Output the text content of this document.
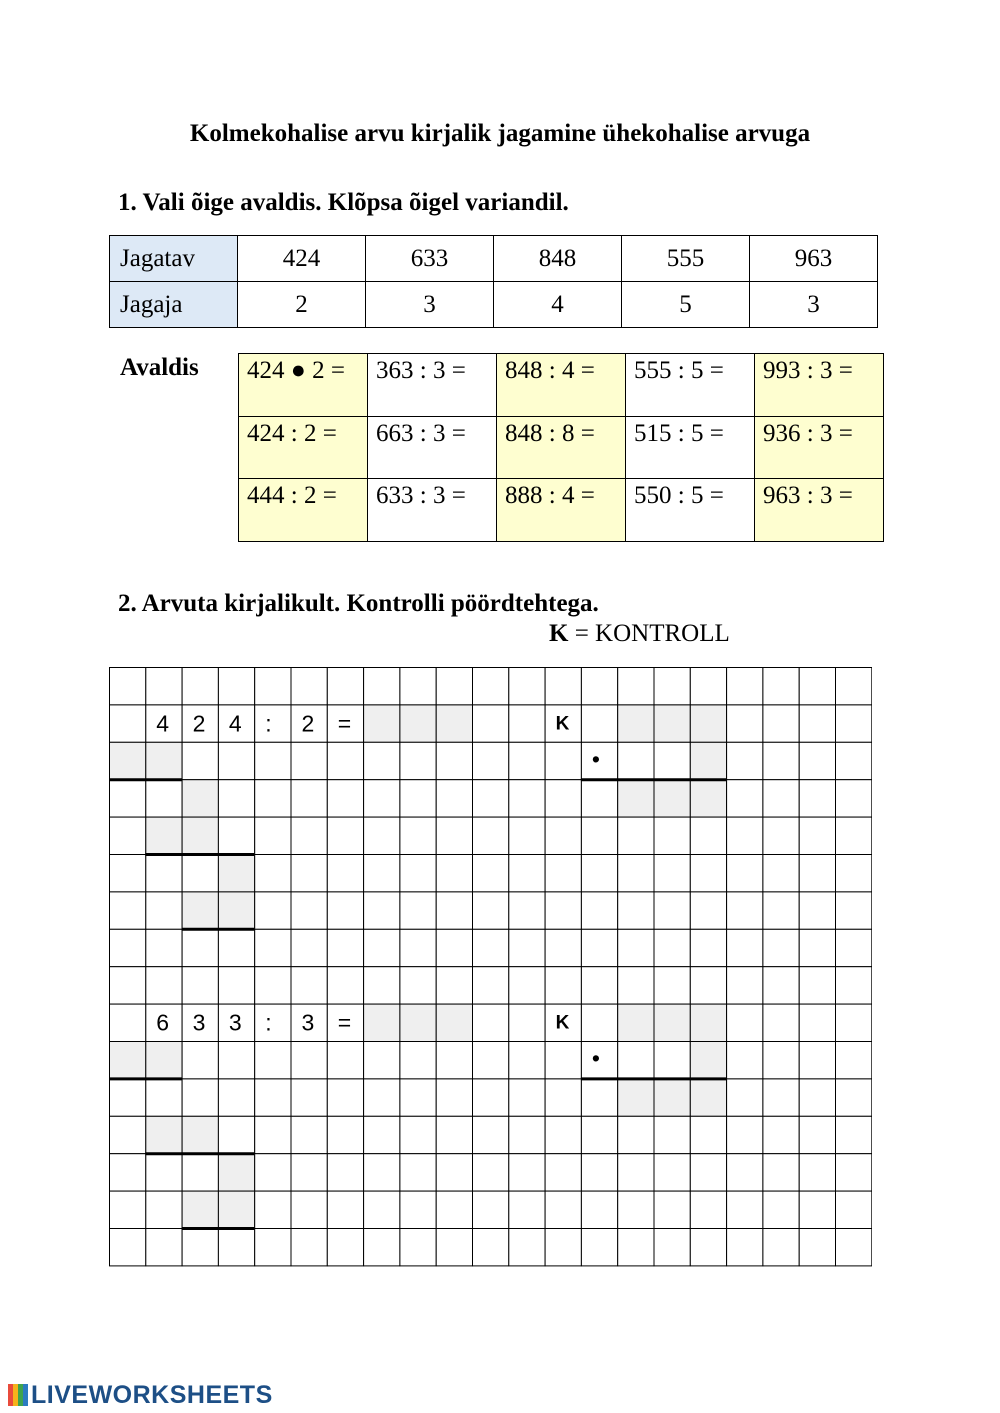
Kolmekohalise arvu kirjalik jagamine ühekohalise arvuga
1. Vali õige avaldis. Klõpsa õigel variandil.
Jagatav	424	633	848	555	963
Jagaja	2	3	4	5	3
Avaldis	424 ● 2 =	363 : 3 =	848 : 4 =	555 : 5 =	993 : 3 =
424 : 2 =	663 : 3 =	848 : 8 =	515 : 5 =	936 : 3 =
444 : 2 =	633 : 3 =	888 : 4 =	550 : 5 =	963 : 3 =
2. Arvuta kirjalikult. Kontrolli pöördtehtega.
K = KONTROLL
4 2 4 : 2 =	K
•
6 3 3 : 3 =	K
•
LIVEWORKSHEETS
